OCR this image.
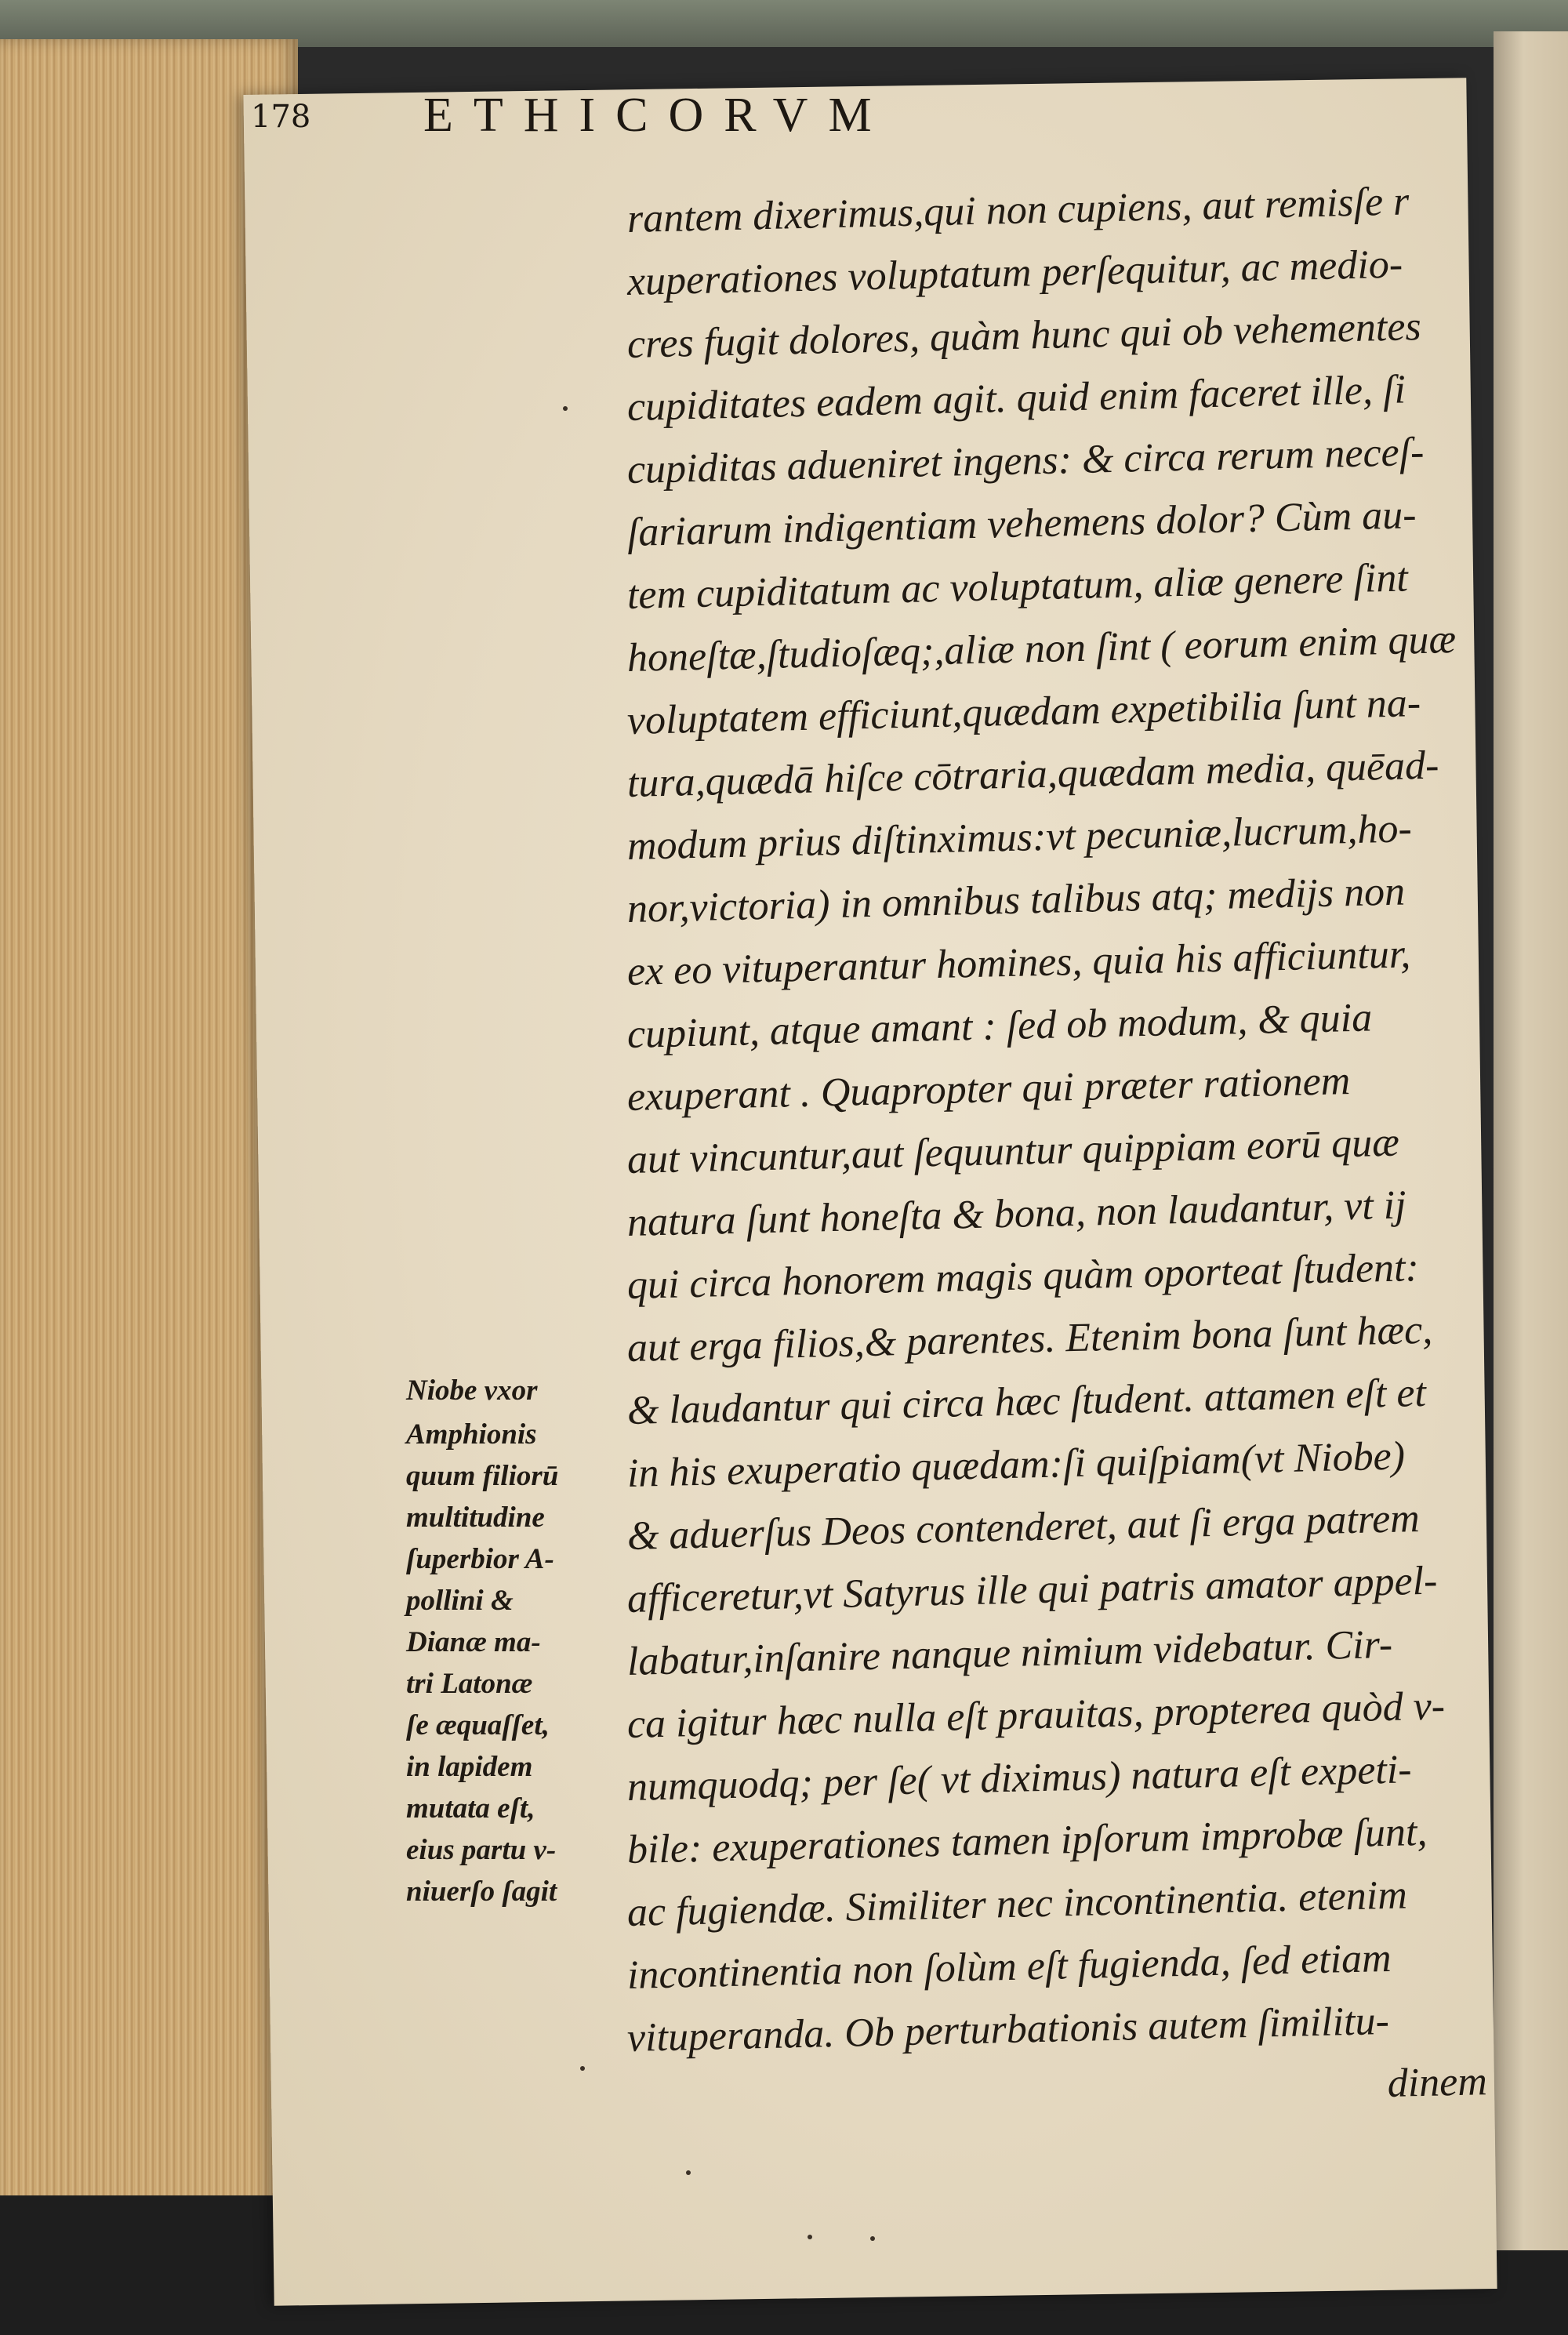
178	ETHICORVM
rantem dixerimus,qui non cupiens, aut remisſe r
xuperationes voluptatum perſequitur, ac medio-
cres fugit dolores, quàm hunc qui ob vehementes
cupiditates eadem agit. quid enim faceret ille, ſi
cupiditas adueniret ingens: & circa rerum neceſ-
ſariarum indigentiam vehemens dolor? Cùm au-
tem cupiditatum ac voluptatum, aliæ genere ſint
honeſtæ,ſtudioſæq;,aliæ non ſint ( eorum enim quæ
voluptatem efficiunt,quædam expetibilia ſunt na-
tura,quædā hiſce cōtraria,quædam media, quēad-
modum prius diſtinximus:vt pecuniæ,lucrum,ho-
nor,victoria) in omnibus talibus atq; medijs non
ex eo vituperantur homines, quia his afficiuntur,
cupiunt, atque amant : ſed ob modum, & quia
exuperant . Quapropter qui præter rationem
aut vincuntur,aut ſequuntur quippiam eorū quæ
natura ſunt honeſta & bona, non laudantur, vt ij
qui circa honorem magis quàm oporteat ſtudent:
aut erga filios,& parentes. Etenim bona ſunt hæc,
& laudantur qui circa hæc ſtudent. attamen eſt et
in his exuperatio quædam:ſi quiſpiam(vt Niobe)
& aduerſus Deos contenderet, aut ſi erga patrem
afficeretur,vt Satyrus ille qui patris amator appel-
labatur,inſanire nanque nimium videbatur. Cir-
ca igitur hæc nulla eſt prauitas, propterea quòd v-
numquodq; per ſe( vt diximus) natura eſt expeti-
bile: exuperationes tamen ipſorum improbæ ſunt,
ac fugiendæ. Similiter nec incontinentia. etenim
incontinentia non ſolùm eſt fugienda, ſed etiam
vituperanda. Ob perturbationis autem ſimilitu-
dinem
Niobe vxor
Amphionis
quum filiorū
multitudine
ſuperbior A-
pollini &
Dianæ ma-
tri Latonæ
ſe æquaſſet,
in lapidem
mutata eſt,
eius partu v-
niuerſo ſagit
